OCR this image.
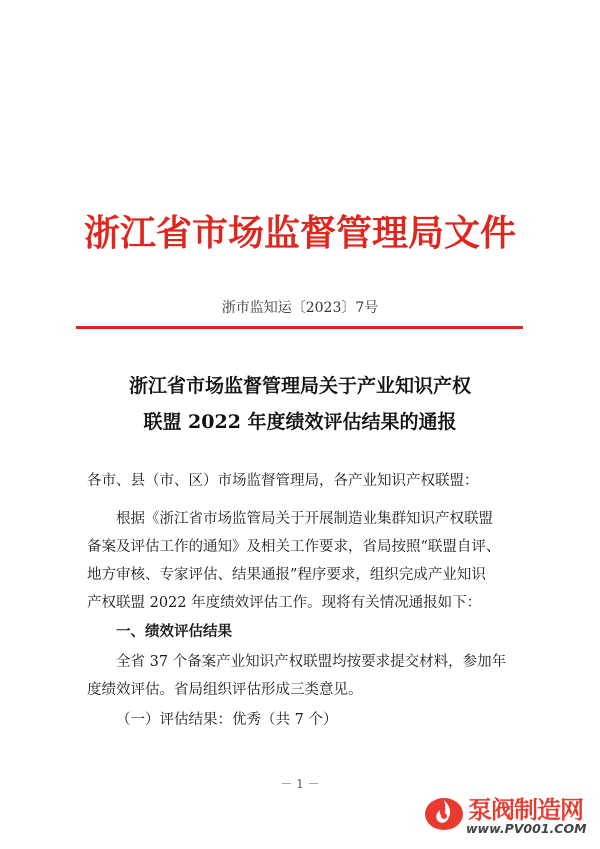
浙江省市场监督管理局文件
浙市监知运〔2023〕7号
浙江省市场监督管理局关于产业知识产权
联盟 2022 年度绩效评估结果的通报

各市、县（市、区）市场监督管理局，各产业知识产权联盟：

根据《浙江省市场监管局关于开展制造业集群知识产权联盟
备案及评估工作的通知》及相关工作要求，省局按照“联盟自评、
地方审核、专家评估、结果通报”程序要求，组织完成产业知识
产权联盟 2022 年度绩效评估工作。现将有关情况通报如下：

一、绩效评估结果

全省 37 个备案产业知识产权联盟均按要求提交材料，参加年
度绩效评估。省局组织评估形成三类意见。

（一）评估结果：优秀（共 7 个）
－ 1 －
泵阀制造网
www.PV001.COM
